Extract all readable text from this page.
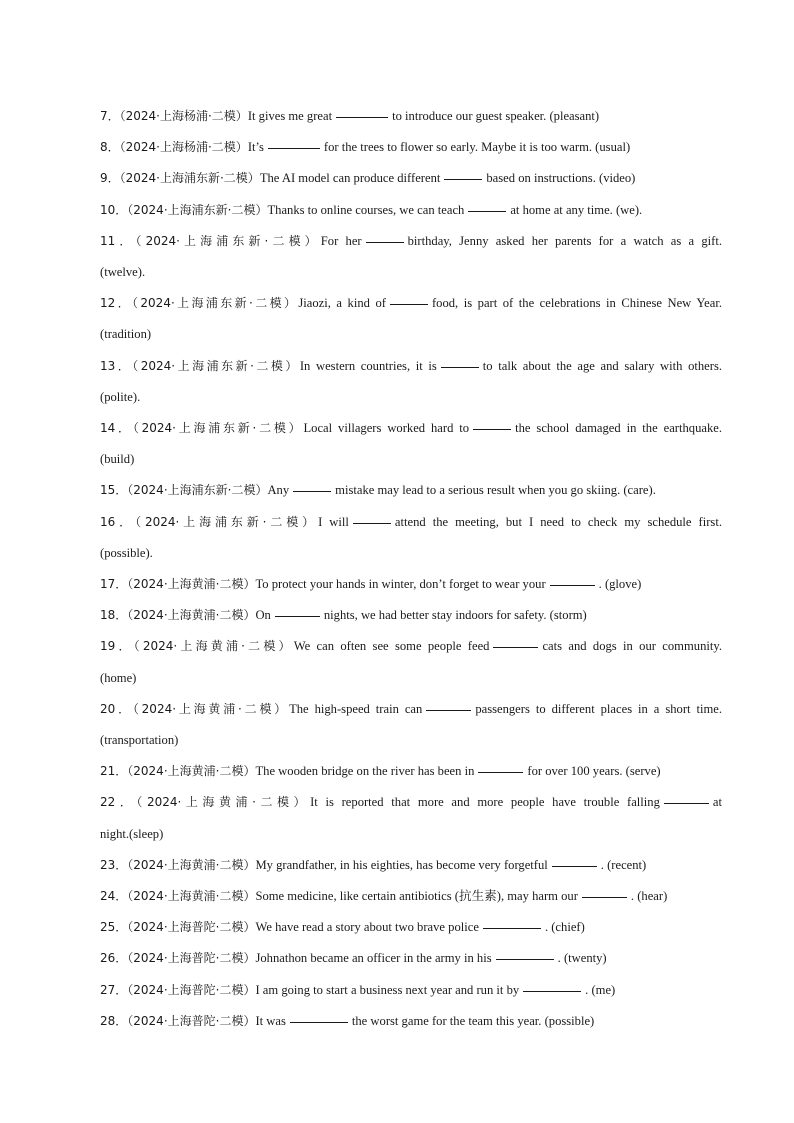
7．（2024·上海杨浦·二模）It gives me great	to introduce our guest speaker. (pleasant)
8．（2024·上海杨浦·二模）It’s	for the trees to flower so early. Maybe it is too warm. (usual)
9．（2024·上海浦东新·二模）The AI model can produce different	based on instructions. (video)
10．（2024·上海浦东新·二模）Thanks to online courses, we can teach	at home at any time. (we).
11．（2024·上海浦东新·二模）For her	birthday, Jenny asked her parents for a watch as a gift.
(twelve).
12．（2024·上海浦东新·二模）Jiaozi, a kind of	food, is part of the celebrations in Chinese New Year.
(tradition)
13．（2024·上海浦东新·二模）In western countries, it is	to talk about the age and salary with others.
(polite).
14．（2024·上海浦东新·二模）Local villagers worked hard to	the school damaged in the earthquake.
(build)
15．（2024·上海浦东新·二模）Any	mistake may lead to a serious result when you go skiing. (care).
16．（2024·上海浦东新·二模）I will	attend the meeting, but I need to check my schedule first.
(possible).
17．（2024·上海黄浦·二模）To protect your hands in winter, don’t forget to wear your	. (glove)
18．（2024·上海黄浦·二模）On	nights, we had better stay indoors for safety. (storm)
19．（2024·上海黄浦·二模）We can often see some people feed	cats and dogs in our community.
(home)
20．（2024·上海黄浦·二模）The high-speed train can	passengers to different places in a short time.
(transportation)
21．（2024·上海黄浦·二模）The wooden bridge on the river has been in	for over 100 years. (serve)
22．（2024·上海黄浦·二模）It is reported that more and more people have trouble falling	at
night.(sleep)
23．（2024·上海黄浦·二模）My grandfather, in his eighties, has become very forgetful	. (recent)
24．（2024·上海黄浦·二模）Some medicine, like certain antibiotics (抗生素), may harm our	. (hear)
25．（2024·上海普陀·二模）We have read a story about two brave police	. (chief)
26．（2024·上海普陀·二模）Johnathon became an officer in the army in his	. (twenty)
27．（2024·上海普陀·二模）I am going to start a business next year and run it by	. (me)
28．（2024·上海普陀·二模）It was	the worst game for the team this year. (possible)
